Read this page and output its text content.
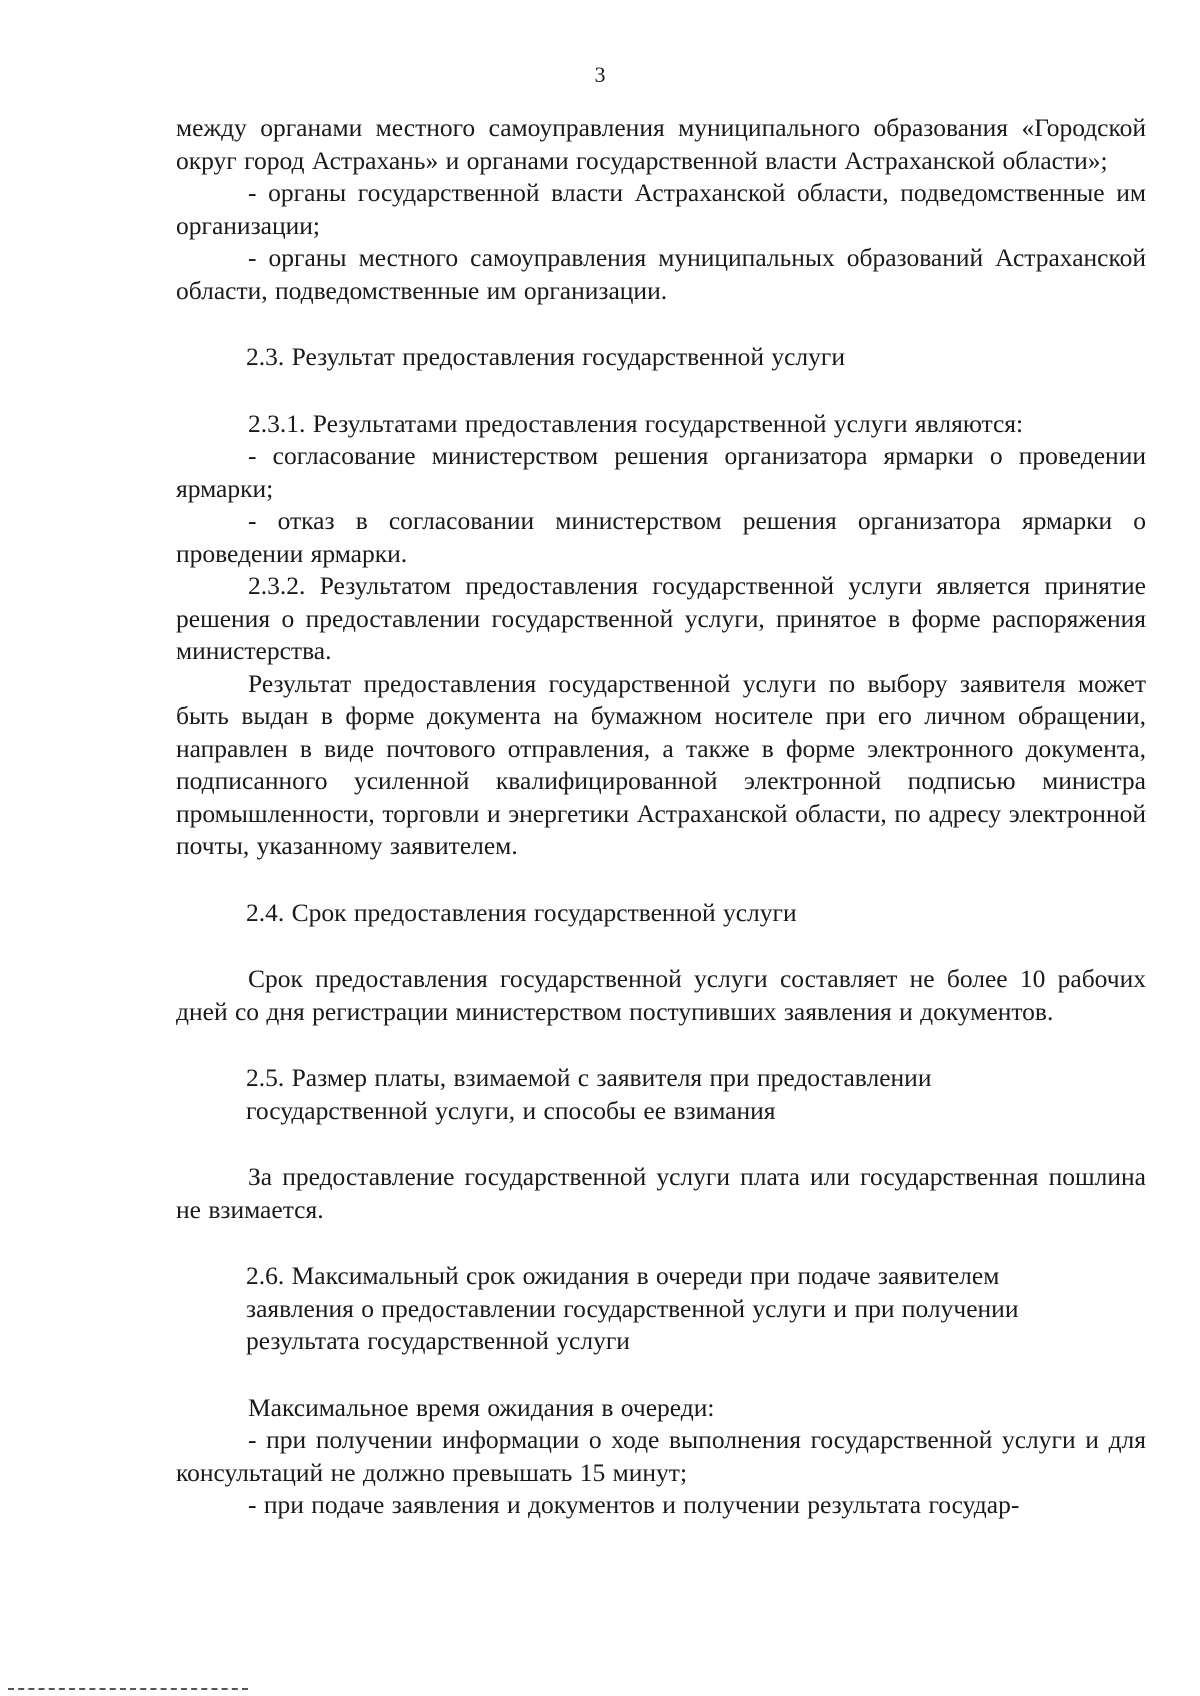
3

между органами местного самоуправления муниципального образования «Городской округ город Астрахань» и органами государственной власти Астраханской области»;

- органы государственной власти Астраханской области, подведомственные им организации;

- органы местного самоуправления муниципальных образований Астраханской области, подведомственные им организации.

2.3. Результат предоставления государственной услуги

2.3.1. Результатами предоставления государственной услуги являются:

- согласование министерством решения организатора ярмарки о проведении ярмарки;

- отказ в согласовании министерством решения организатора ярмарки о проведении ярмарки.

2.3.2. Результатом предоставления государственной услуги является принятие решения о предоставлении государственной услуги, принятое в форме распоряжения министерства.

Результат предоставления государственной услуги по выбору заявителя может быть выдан в форме документа на бумажном носителе при его личном обращении, направлен в виде почтового отправления, а также в форме электронного документа, подписанного усиленной квалифицированной электронной подписью министра промышленности, торговли и энергетики Астраханской области, по адресу электронной почты, указанному заявителем.

2.4. Срок предоставления государственной услуги

Срок предоставления государственной услуги составляет не более 10 рабочих дней со дня регистрации министерством поступивших заявления и документов.

2.5. Размер платы, взимаемой с заявителя при предоставлении
государственной услуги, и способы ее взимания

За предоставление государственной услуги плата или государственная пошлина не взимается.

2.6. Максимальный срок ожидания в очереди при подаче заявителем
заявления о предоставлении государственной услуги и при получении
результата государственной услуги

Максимальное время ожидания в очереди:

- при получении информации о ходе выполнения государственной услуги и для консультаций не должно превышать 15 минут;

- при подаче заявления и документов и получении результата государ-
